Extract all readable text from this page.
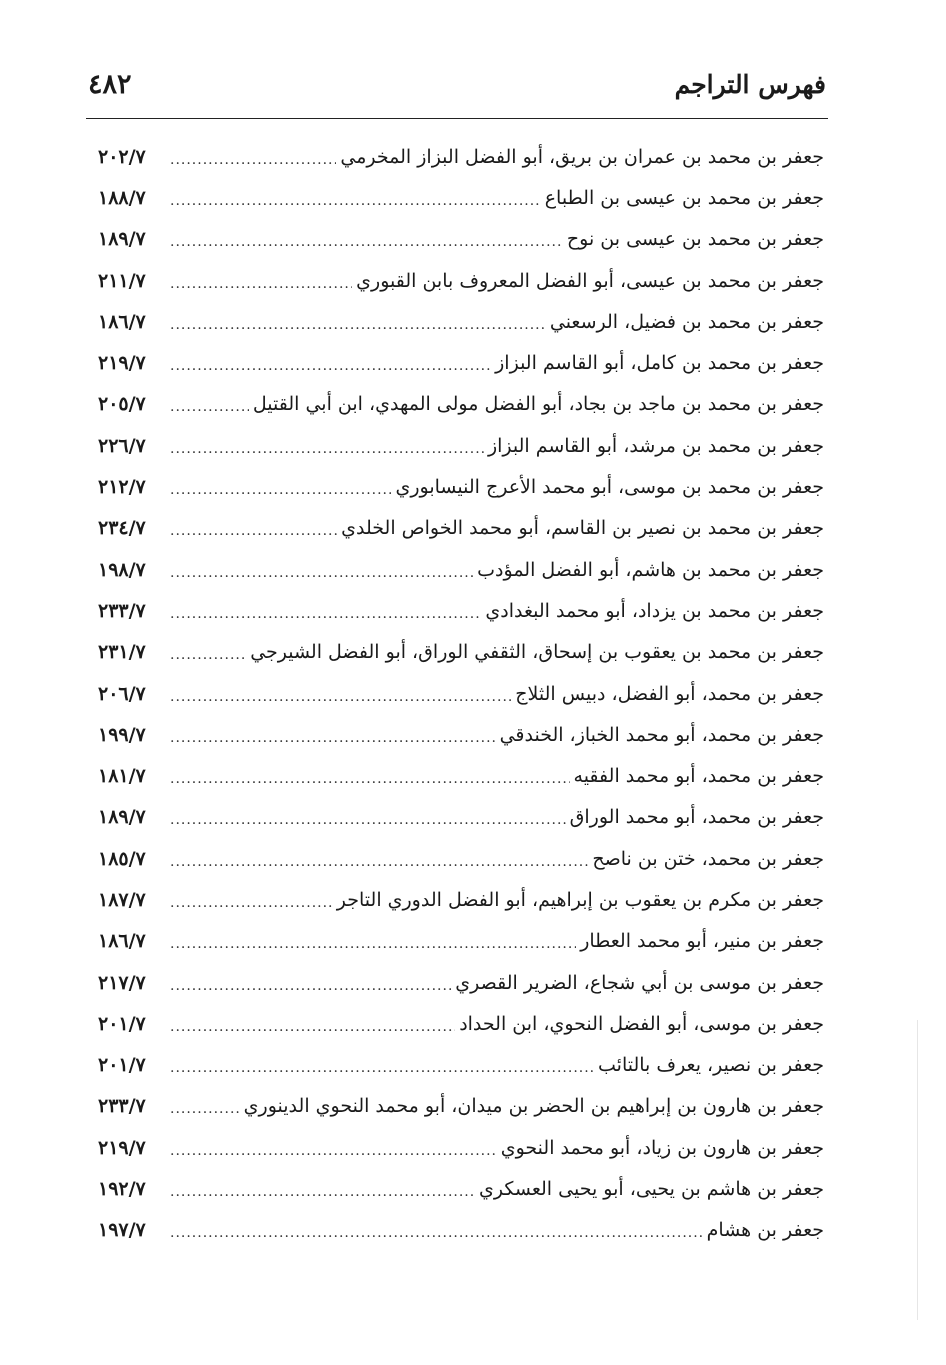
فهرس التراجم
٤٨٢
جعفر بن محمد بن عمران بن بريق، أبو الفضل البزاز المخرمي
.....
٢٠٢/٧
جعفر بن محمد بن عيسى بن الطباع
.....
١٨٨/٧
جعفر بن محمد بن عيسى بن نوح
.....
١٨٩/٧
جعفر بن محمد بن عيسى، أبو الفضل المعروف بابن القبوري
.....
٢١١/٧
جعفر بن محمد بن فضيل، الرسعني
.....
١٨٦/٧
جعفر بن محمد بن كامل، أبو القاسم البزاز
.....
٢١٩/٧
جعفر بن محمد بن ماجد بن بجاد، أبو الفضل مولى المهدي، ابن أبي القتيل
.....
٢٠٥/٧
جعفر بن محمد بن مرشد، أبو القاسم البزاز
.....
٢٢٦/٧
جعفر بن محمد بن موسى، أبو محمد الأعرج النيسابوري
.....
٢١٢/٧
جعفر بن محمد بن نصير بن القاسم، أبو محمد الخواص الخلدي
.....
٢٣٤/٧
جعفر بن محمد بن هاشم، أبو الفضل المؤدب
.....
١٩٨/٧
جعفر بن محمد بن يزداد، أبو محمد البغدادي
.....
٢٣٣/٧
جعفر بن محمد بن يعقوب بن إسحاق، الثقفي الوراق، أبو الفضل الشيرجي
.....
٢٣١/٧
جعفر بن محمد، أبو الفضل، دبيس الثلاج
.....
٢٠٦/٧
جعفر بن محمد، أبو محمد الخباز، الخندقي
.....
١٩٩/٧
جعفر بن محمد، أبو محمد الفقيه
.....
١٨١/٧
جعفر بن محمد، أبو محمد الوراق
.....
١٨٩/٧
جعفر بن محمد، ختن بن ناصح
.....
١٨٥/٧
جعفر بن مكرم بن يعقوب بن إبراهيم، أبو الفضل الدوري التاجر
.....
١٨٧/٧
جعفر بن منير، أبو محمد العطار
.....
١٨٦/٧
جعفر بن موسى بن أبي شجاع، الضرير القصري
.....
٢١٧/٧
جعفر بن موسى، أبو الفضل النحوي، ابن الحداد
.....
٢٠١/٧
جعفر بن نصير، يعرف بالتائب
.....
٢٠١/٧
جعفر بن هارون بن إبراهيم بن الحضر بن ميدان، أبو محمد النحوي الدينوري
.....
٢٣٣/٧
جعفر بن هارون بن زياد، أبو محمد النحوي
.....
٢١٩/٧
جعفر بن هاشم بن يحيى، أبو يحيى العسكري
.....
١٩٢/٧
جعفر بن هشام
.....
١٩٧/٧
